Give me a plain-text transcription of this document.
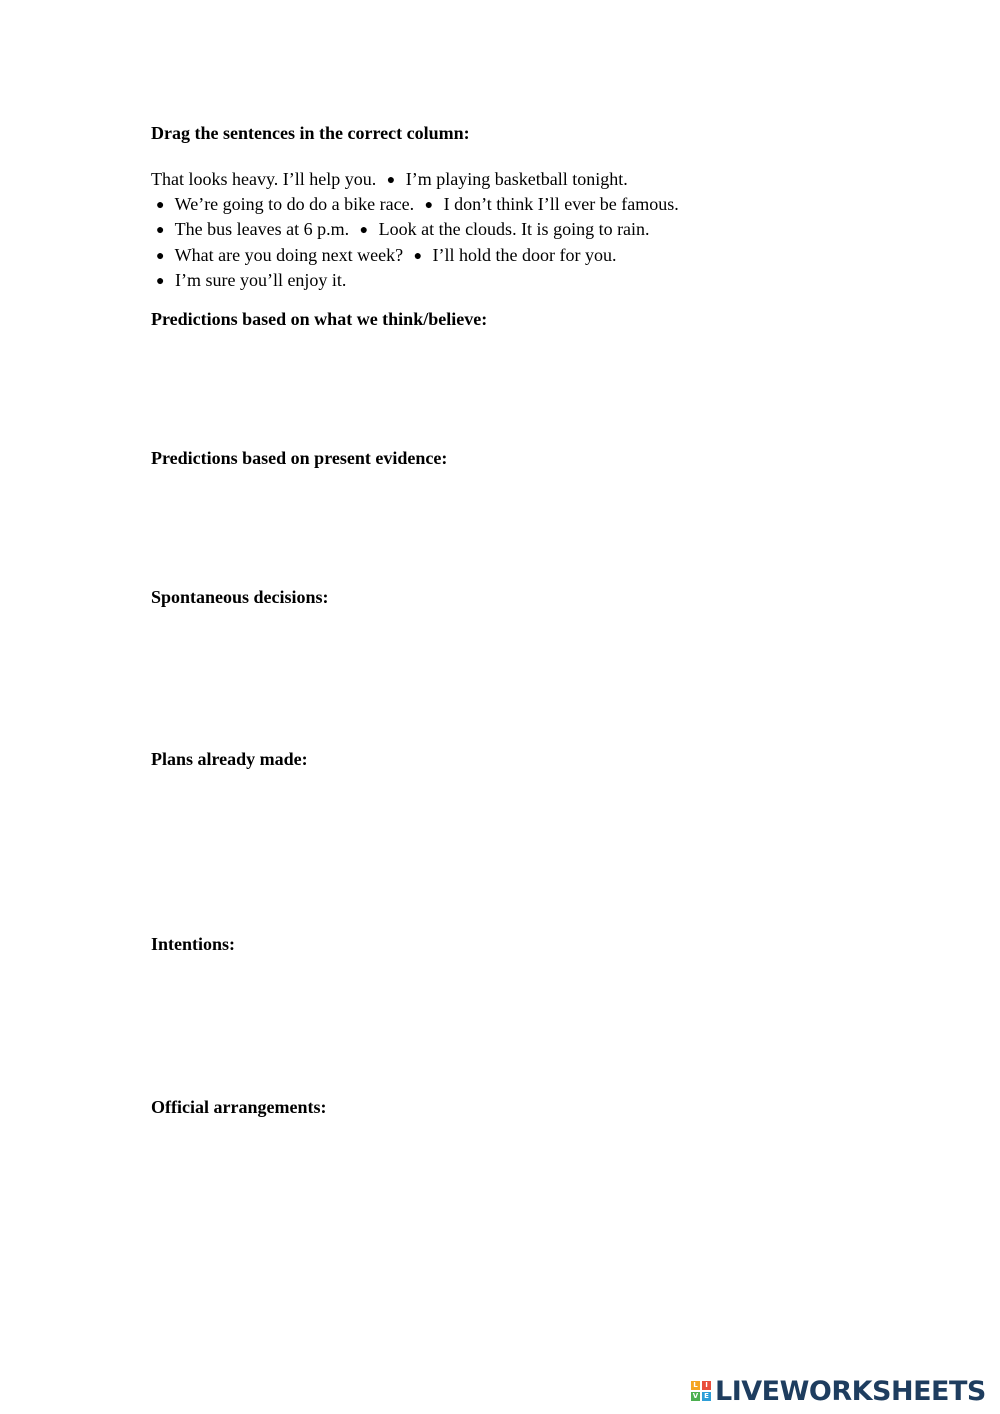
Drag the sentences in the correct column:

That looks heavy. I’ll help you. ● I’m playing basketball tonight.
● We’re going to do do a bike race. ● I don’t think I’ll ever be famous.
● The bus leaves at 6 p.m. ● Look at the clouds. It is going to rain.
● What are you doing next week? ● I’ll hold the door for you.
● I’m sure you’ll enjoy it.

Predictions based on what we think/believe:

Predictions based on present evidence:

Spontaneous decisions:

Plans already made:

Intentions:

Official arrangements:

L	I
V E LIVEWORKSHEETS
